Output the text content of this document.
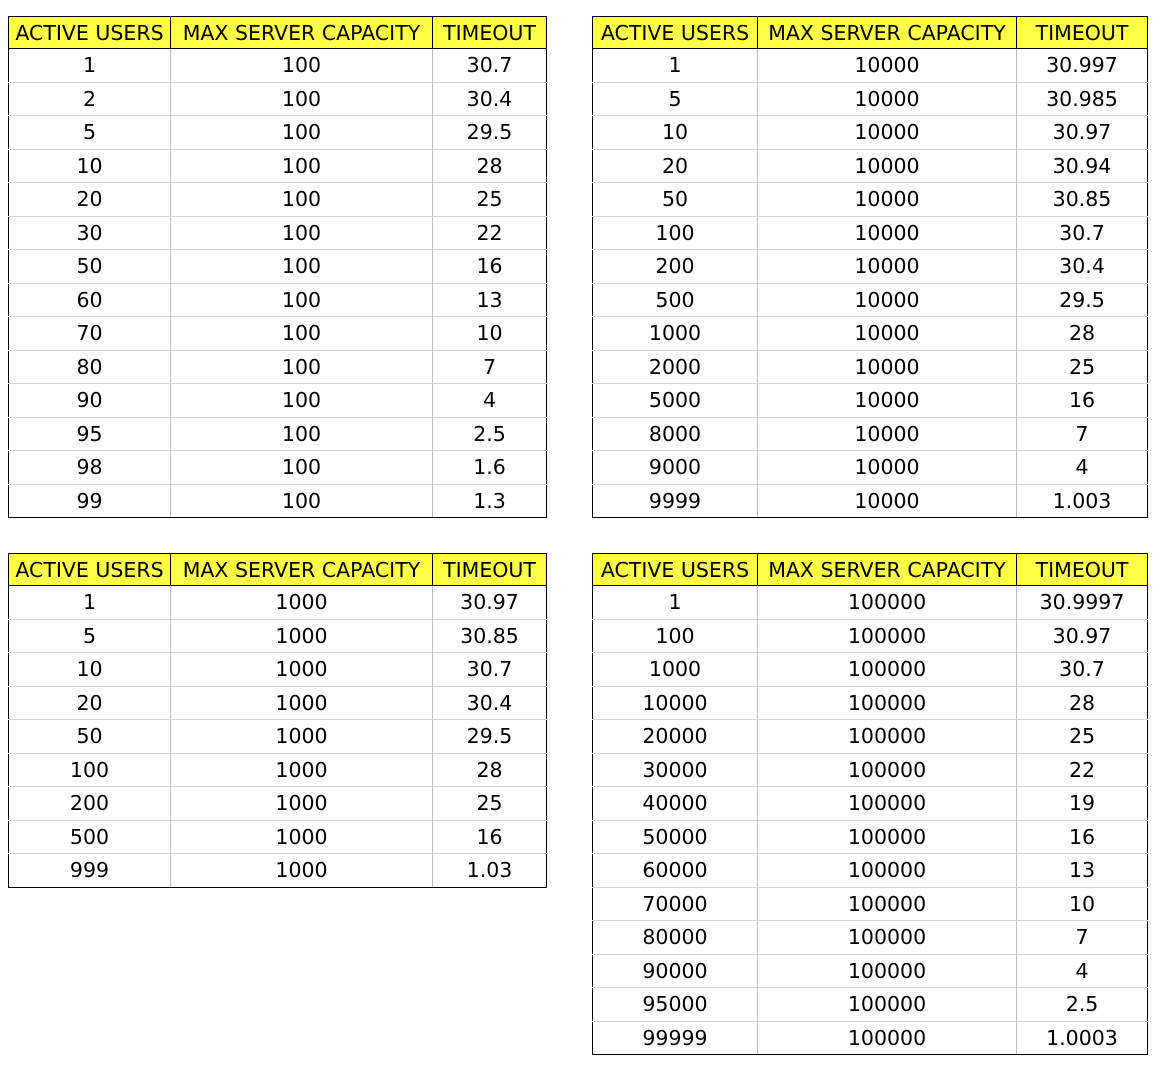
ACTIVE USERS	MAX SERVER CAPACITY	TIMEOUT
1	100	30.7
2	100	30.4
5	100	29.5
10	100	28
20	100	25
30	100	22
50	100	16
60	100	13
70	100	10
80	100	7
90	100	4
95	100	2.5
98	100	1.6
99	100	1.3
ACTIVE USERS	MAX SERVER CAPACITY	TIMEOUT
1	10000	30.997
5	10000	30.985
10	10000	30.97
20	10000	30.94
50	10000	30.85
100	10000	30.7
200	10000	30.4
500	10000	29.5
1000	10000	28
2000	10000	25
5000	10000	16
8000	10000	7
9000	10000	4
9999	10000	1.003
ACTIVE USERS	MAX SERVER CAPACITY	TIMEOUT
1	1000	30.97
5	1000	30.85
10	1000	30.7
20	1000	30.4
50	1000	29.5
100	1000	28
200	1000	25
500	1000	16
999	1000	1.03
ACTIVE USERS	MAX SERVER CAPACITY	TIMEOUT
1	100000	30.9997
100	100000	30.97
1000	100000	30.7
10000	100000	28
20000	100000	25
30000	100000	22
40000	100000	19
50000	100000	16
60000	100000	13
70000	100000	10
80000	100000	7
90000	100000	4
95000	100000	2.5
99999	100000	1.0003
